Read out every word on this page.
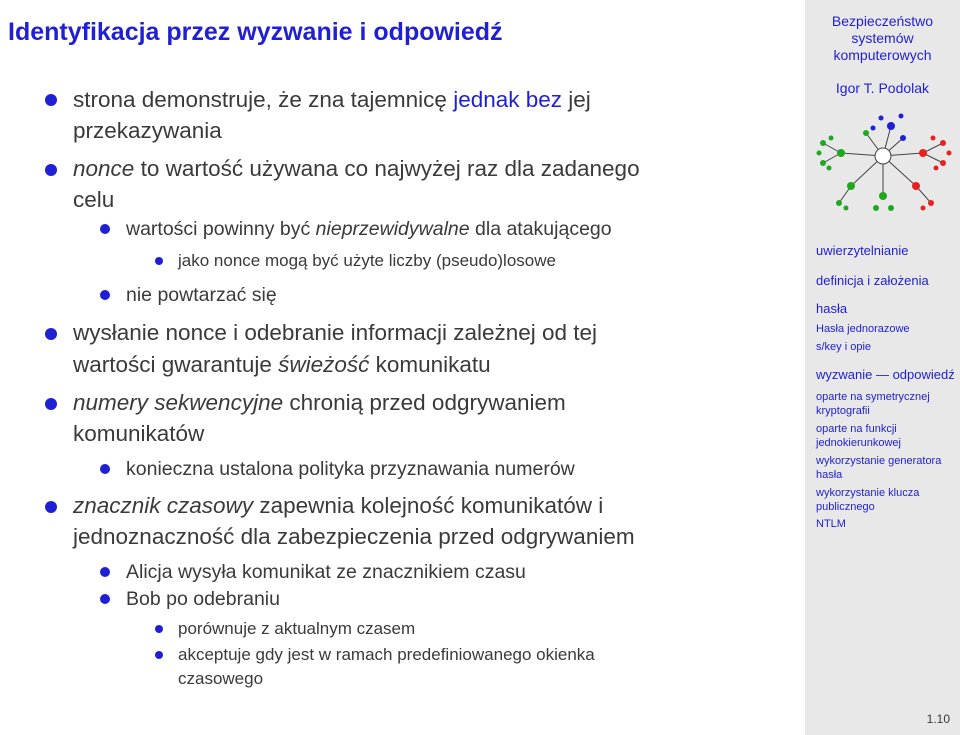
Identyfikacja przez wyzwanie i odpowiedź
strona demonstruje, że zna tajemnicę jednak bez jej
przekazywania
nonce to wartość używana co najwyżej raz dla zadanego
celu
wartości powinny być nieprzewidywalne dla atakującego
jako nonce mogą być użyte liczby (pseudo)losowe
nie powtarzać się
wysłanie nonce i odebranie informacji zależnej od tej
wartości gwarantuje świeżość komunikatu
numery sekwencyjne chronią przed odgrywaniem
komunikatów
konieczna ustalona polityka przyznawania numerów
znacznik czasowy zapewnia kolejność komunikatów i
jednoznaczność dla zabezpieczenia przed odgrywaniem
Alicja wysyła komunikat ze znacznikiem czasu
Bob po odebraniu
porównuje z aktualnym czasem
akceptuje gdy jest w ramach predefiniowanego okienka
czasowego
Bezpieczeństwo
systemów
komputerowych
Igor T. Podolak
uwierzytelnianie
definicja i założenia
hasła
Hasła jednorazowe
s/key i opie
wyzwanie — odpowiedź
oparte na symetrycznej
kryptografii
oparte na funkcji
jednokierunkowej
wykorzystanie generatora
hasła
wykorzystanie klucza
publicznego
NTLM
1.10
